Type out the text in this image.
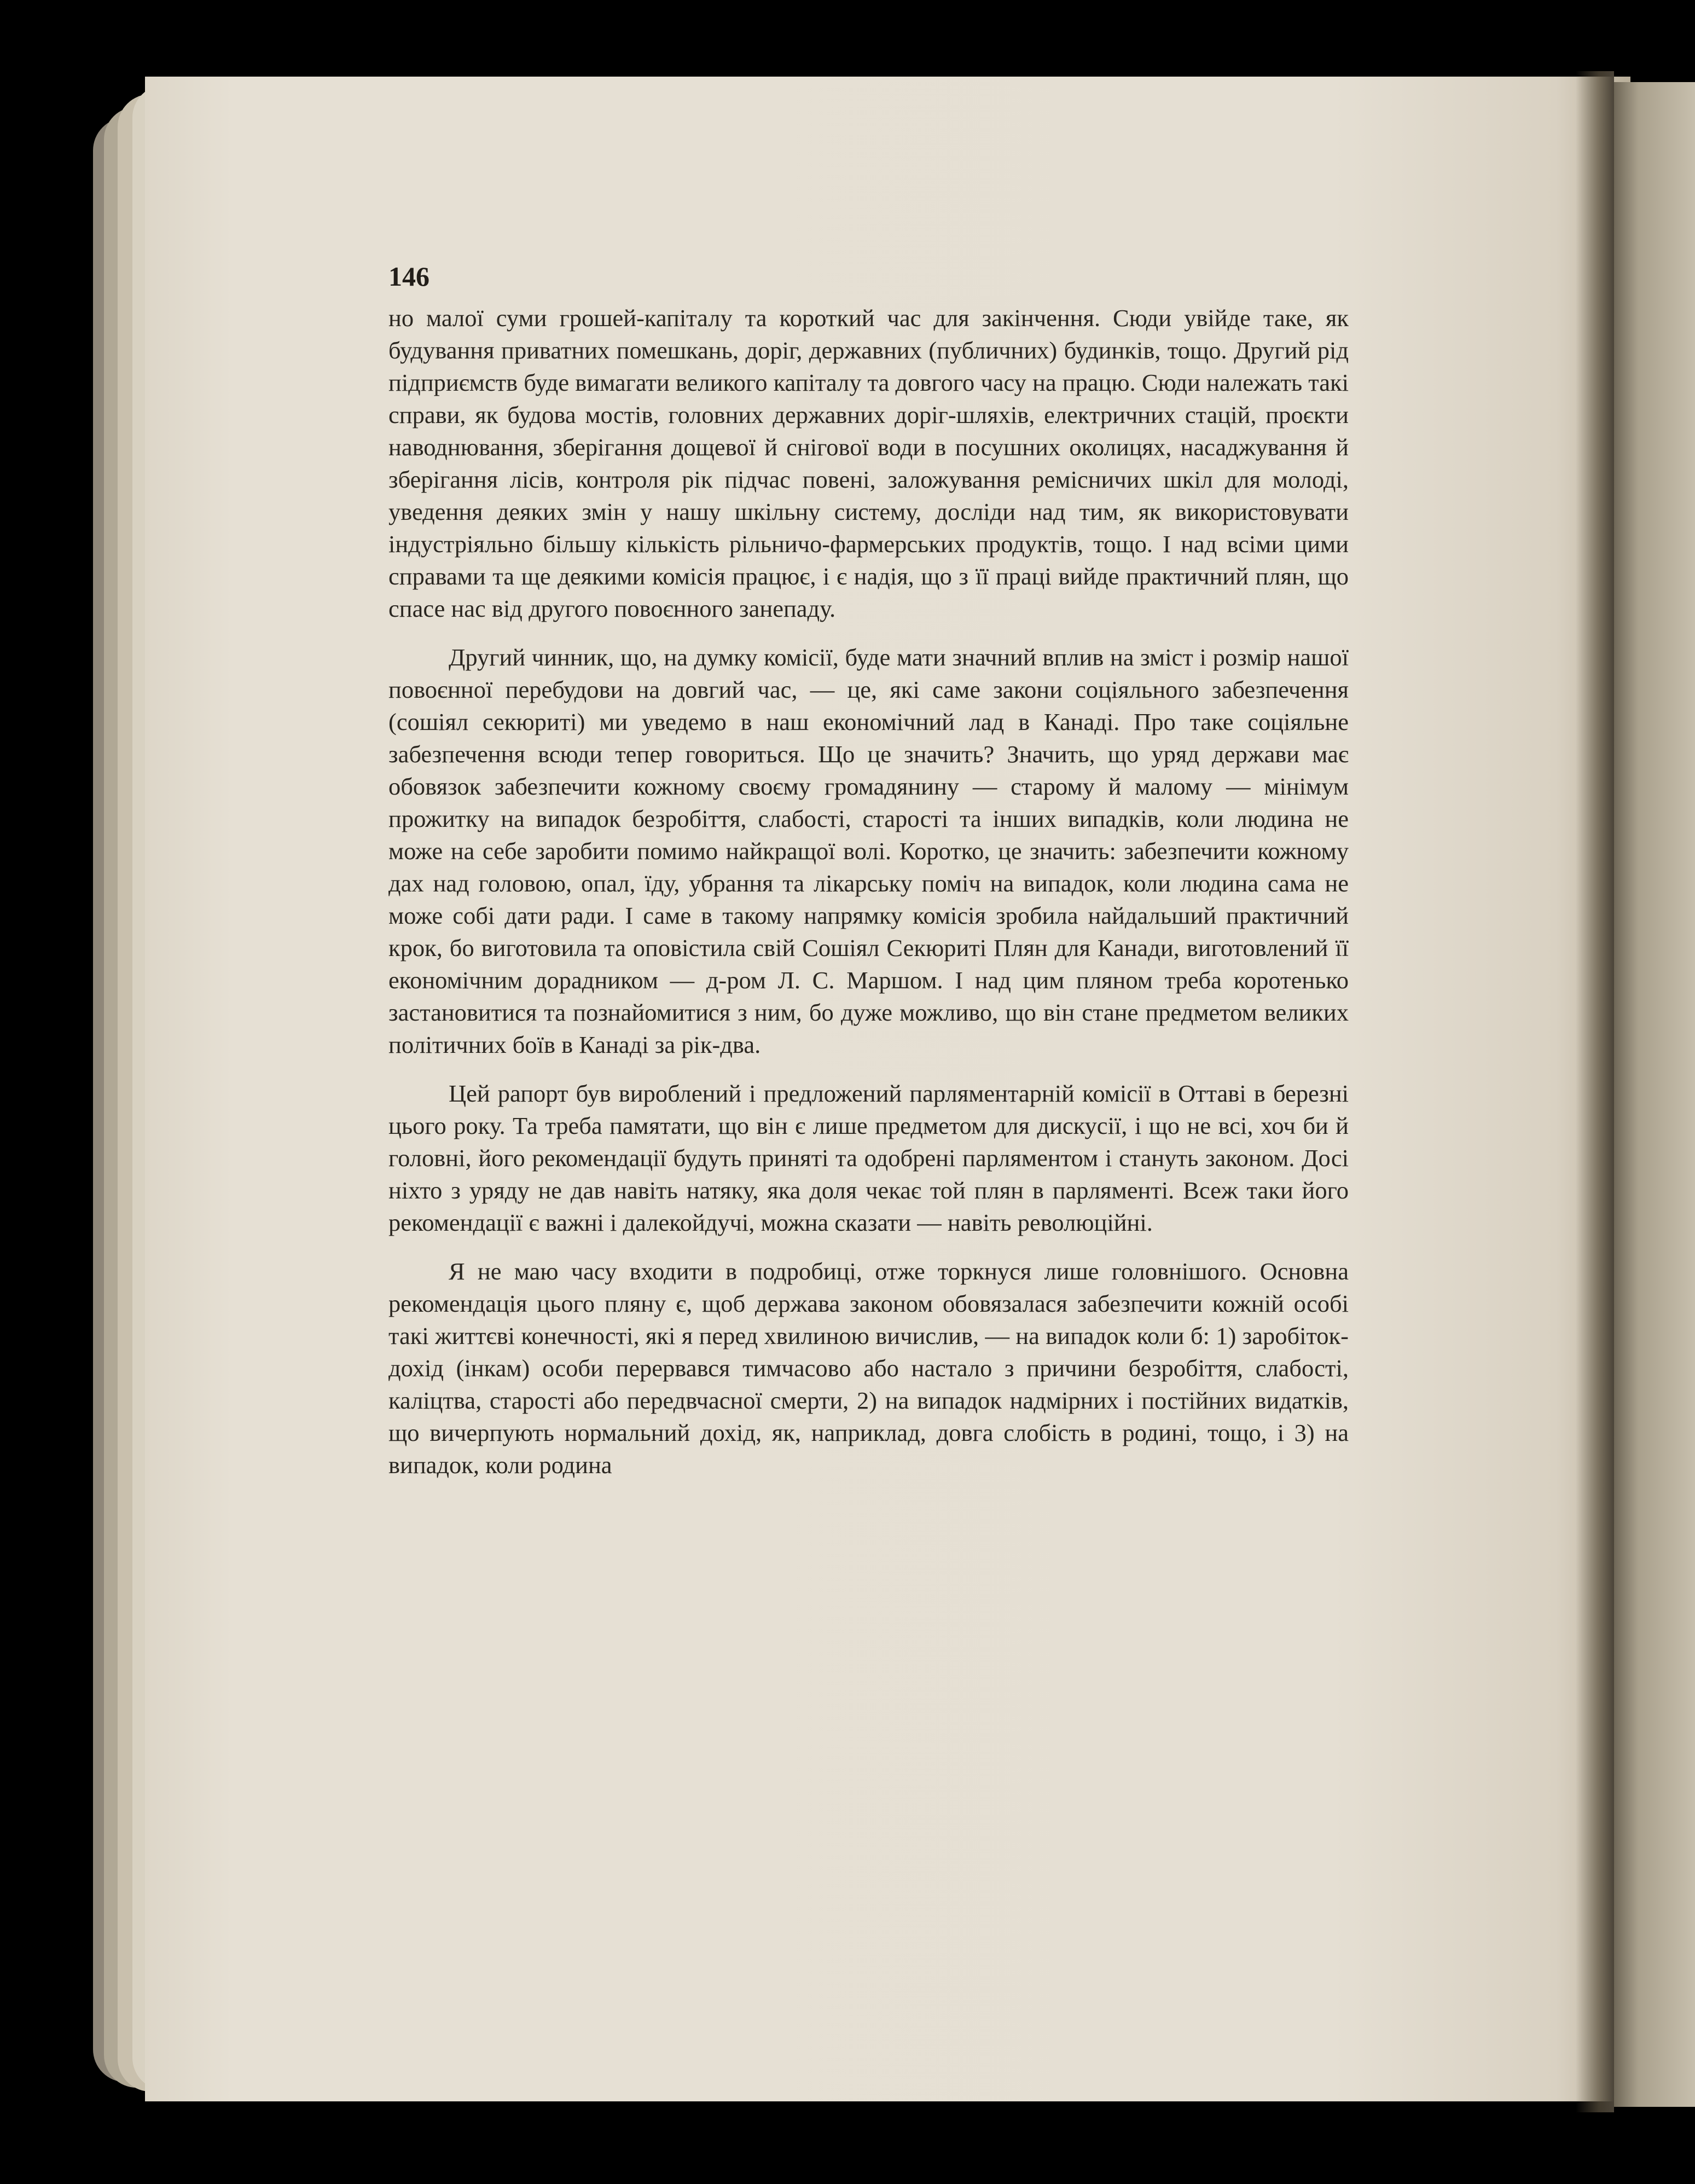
146

но малої суми грошей-капіталу та короткий час для закінчення. Сюди увійде таке, як будування приватних помешкань, доріг, державних (публичних) будинків, тощо. Другий рід підприємств буде вимагати великого капіталу та довгого часу на працю. Сюди належать такі справи, як будова мостів, головних державних доріг-шляхів, електричних стацій, проєкти наводнювання, зберігання дощевої й снігової води в посушних околицях, насаджування й зберігання лісів, контроля рік підчас повені, заложування ремісничих шкіл для молоді, уведення деяких змін у нашу шкільну систему, досліди над тим, як використовувати індустріяльно більшу кількість рільничо-фармерських продуктів, тощо. І над всіми цими справами та ще деякими комісія працює, і є надія, що з її праці вийде практичний плян, що спасе нас від другого повоєнного занепаду.

Другий чинник, що, на думку комісії, буде мати значний вплив на зміст і розмір нашої повоєнної перебудови на довгий час, — це, які саме закони соціяльного забезпечення (сошіял секюриті) ми уведемо в наш економічний лад в Канаді. Про таке соціяльне забезпечення всюди тепер говориться. Що це значить? Значить, що уряд держави має обовязок забезпечити кожному своєму громадянину — старому й малому — мінімум прожитку на випадок безробіття, слабості, старості та інших випадків, коли людина не може на себе заробити помимо найкращої волі. Коротко, це значить: забезпечити кожному дах над головою, опал, їду, убрання та лікарську поміч на випадок, коли людина сама не може собі дати ради. І саме в такому напрямку комісія зробила найдальший практичний крок, бо виготовила та оповістила свій Сошіял Секюриті Плян для Канади, виготовлений її економічним дорадником — д-ром Л. С. Маршом. І над цим пляном треба коротенько застановитися та познайомитися з ним, бо дуже можливо, що він стане предметом великих політичних боїв в Канаді за рік-два.

Цей рапорт був вироблений і предложений парляментарній комісії в Оттаві в березні цього року. Та треба памятати, що він є лише предметом для дискусії, і що не всі, хоч би й головні, його рекомендації будуть приняті та одобрені парляментом і стануть законом. Досі ніхто з уряду не дав навіть натяку, яка доля чекає той плян в парляменті. Всеж таки його рекомендації є важні і далекойдучі, можна сказати — навіть революційні.

Я не маю часу входити в подробиці, отже торкнуся лише головнішого. Основна рекомендація цього пляну є, щоб держава законом обовязалася забезпечити кожній особі такі життєві конечності, які я перед хвилиною вичислив, — на випадок коли б: 1) заробіток-дохід (інкам) особи перервався тимчасово або настало з причини безробіття, слабості, каліцтва, старості або передвчасної смерти, 2) на випадок надмірних і постійних видатків, що вичерпують нормальний дохід, як, наприклад, довга слобість в родині, тощо, і 3) на випадок, коли родина
